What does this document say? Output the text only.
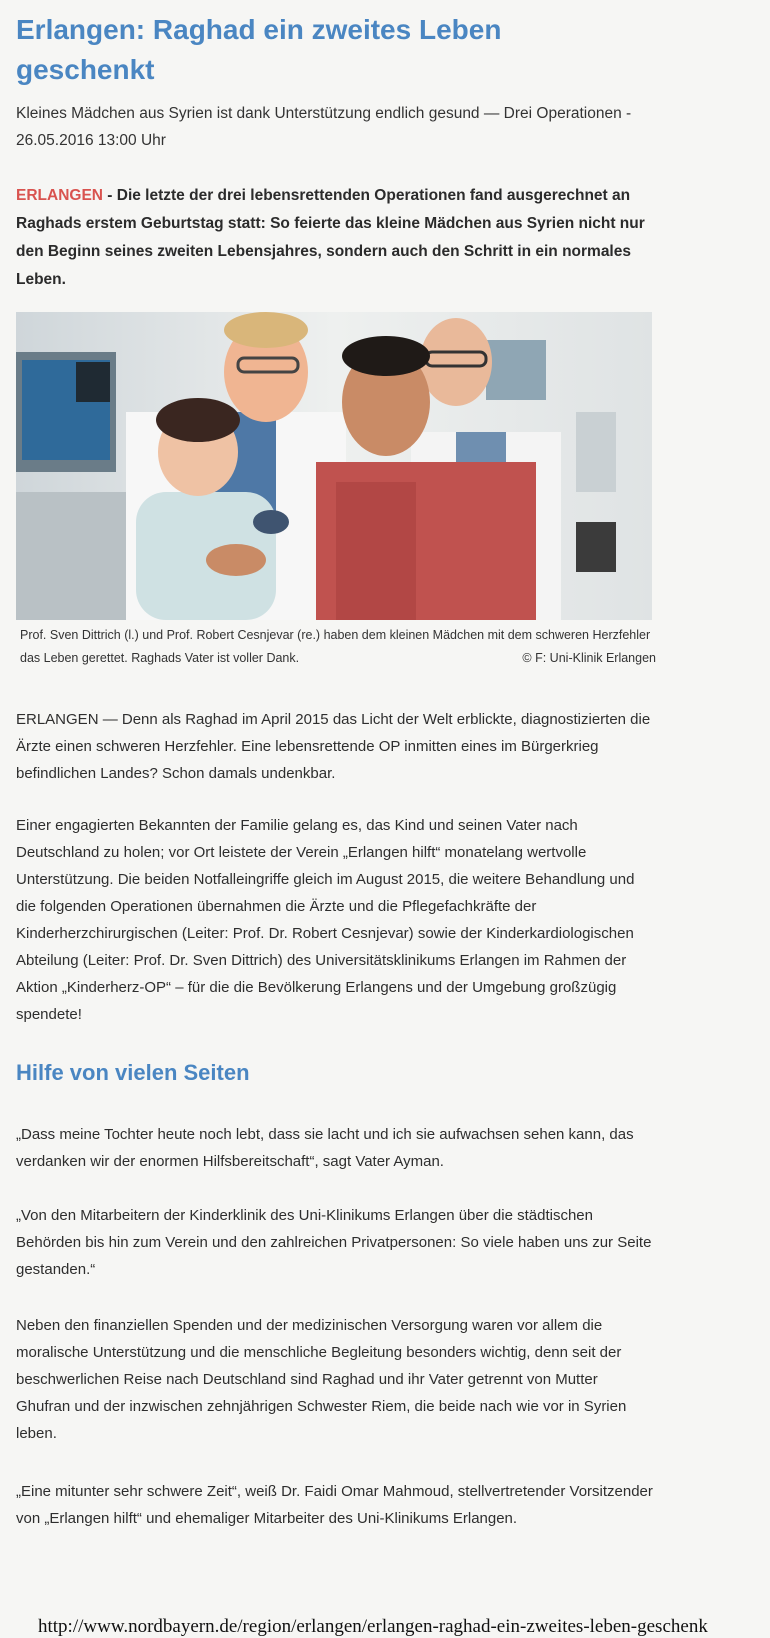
Erlangen: Raghad ein zweites Leben geschenkt
Kleines Mädchen aus Syrien ist dank Unterstützung endlich gesund — Drei Operationen - 26.05.2016 13:00 Uhr
ERLANGEN - Die letzte der drei lebensrettenden Operationen fand ausgerechnet an Raghads erstem Geburtstag statt: So feierte das kleine Mädchen aus Syrien nicht nur den Beginn seines zweiten Lebensjahres, sondern auch den Schritt in ein normales Leben.
Prof. Sven Dittrich (l.) und Prof. Robert Cesnjevar (re.) haben dem kleinen Mädchen mit dem schweren Herzfehler das Leben gerettet. Raghads Vater ist voller Dank.	© F: Uni-Klinik Erlangen

ERLANGEN — Denn als Raghad im April 2015 das Licht der Welt erblickte, diagnostizierten die Ärzte einen schweren Herzfehler. Eine lebensrettende OP inmitten eines im Bürgerkrieg befindlichen Landes? Schon damals undenkbar.

Einer engagierten Bekannten der Familie gelang es, das Kind und seinen Vater nach Deutschland zu holen; vor Ort leistete der Verein „Erlangen hilft“ monatelang wertvolle Unterstützung. Die beiden Notfalleingriffe gleich im August 2015, die weitere Behandlung und die folgenden Operationen übernahmen die Ärzte und die Pflegefachkräfte der Kinderherzchirurgischen (Leiter: Prof. Dr. Robert Cesnjevar) sowie der Kinderkardiologischen Abteilung (Leiter: Prof. Dr. Sven Dittrich) des Universitätsklinikums Erlangen im Rahmen der Aktion „Kinderherz-OP“ – für die die Bevölkerung Erlangens und der Umgebung großzügig spendete!

Hilfe von vielen Seiten

„Dass meine Tochter heute noch lebt, dass sie lacht und ich sie aufwachsen sehen kann, das verdanken wir der enormen Hilfsbereitschaft“, sagt Vater Ayman.

„Von den Mitarbeitern der Kinderklinik des Uni-Klinikums Erlangen über die städtischen Behörden bis hin zum Verein und den zahlreichen Privatpersonen: So viele haben uns zur Seite gestanden.“

Neben den finanziellen Spenden und der medizinischen Versorgung waren vor allem die moralische Unterstützung und die menschliche Begleitung besonders wichtig, denn seit der beschwerlichen Reise nach Deutschland sind Raghad und ihr Vater getrennt von Mutter Ghufran und der inzwischen zehnjährigen Schwester Riem, die beide nach wie vor in Syrien leben.

„Eine mitunter sehr schwere Zeit“, weiß Dr. Faidi Omar Mahmoud, stellvertretender Vorsitzender von „Erlangen hilft“ und ehemaliger Mitarbeiter des Uni-Klinikums Erlangen.

http://www.nordbayern.de/region/erlangen/erlangen-raghad-ein-zweites-leben-geschenk
